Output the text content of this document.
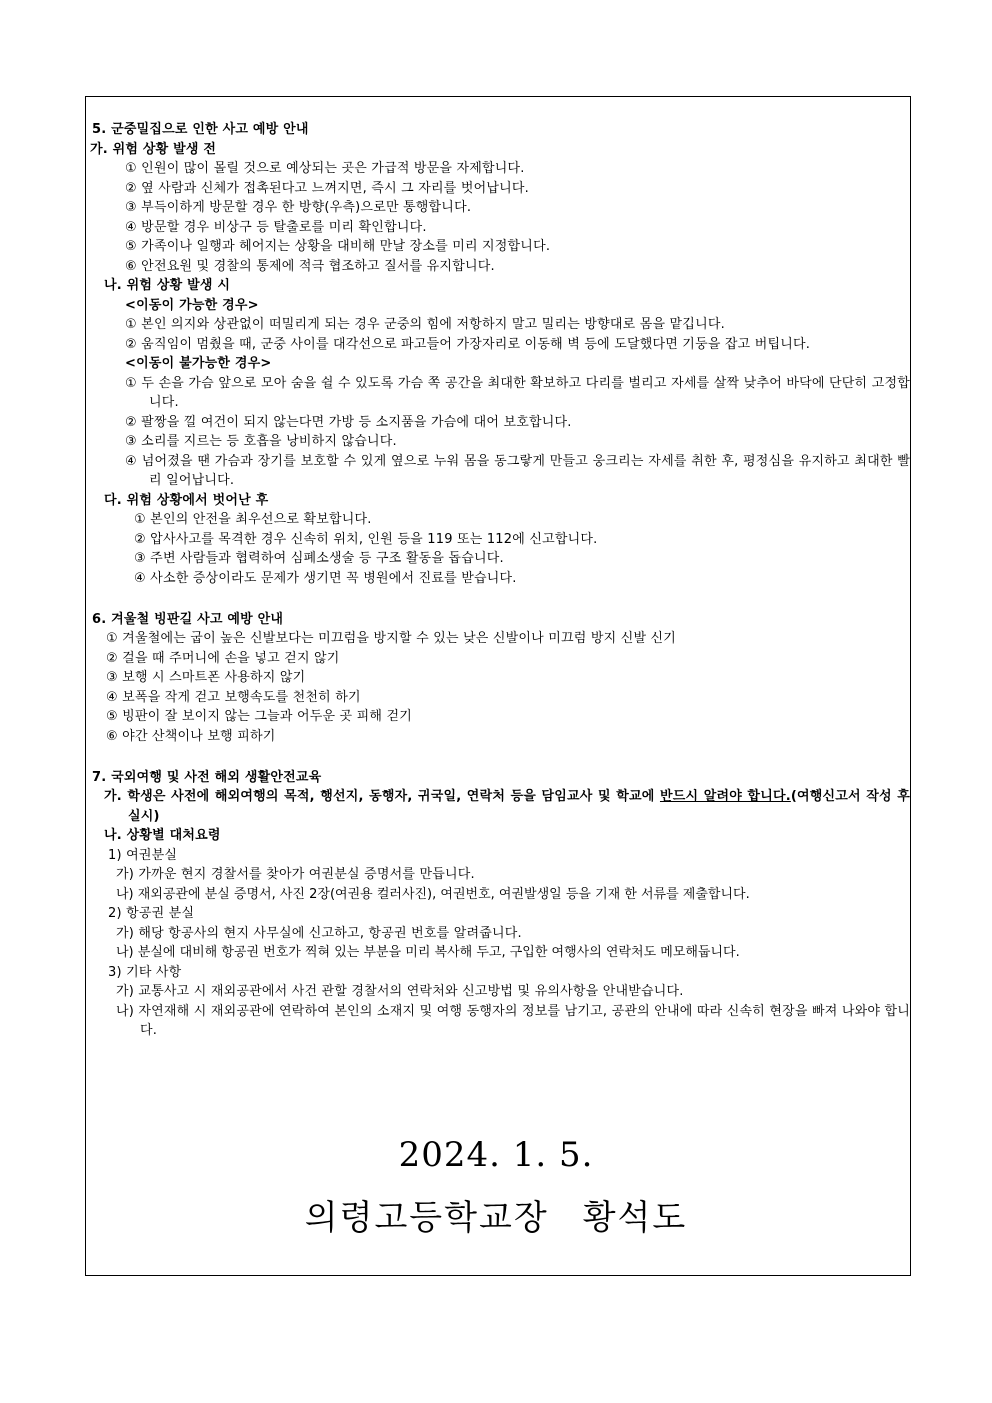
5. 군중밀집으로 인한 사고 예방 안내
가. 위험 상황 발생 전
① 인원이 많이 몰릴 것으로 예상되는 곳은 가급적 방문을 자제합니다.
② 옆 사람과 신체가 접촉된다고 느껴지면, 즉시 그 자리를 벗어납니다.
③ 부득이하게 방문할 경우 한 방향(우측)으로만 통행합니다.
④ 방문할 경우 비상구 등 탈출로를 미리 확인합니다.
⑤ 가족이나 일행과 헤어지는 상황을 대비해 만날 장소를 미리 지정합니다.
⑥ 안전요원 및 경찰의 통제에 적극 협조하고 질서를 유지합니다.
나. 위험 상황 발생 시
<이동이 가능한 경우>
① 본인 의지와 상관없이 떠밀리게 되는 경우 군중의 힘에 저항하지 말고 밀리는 방향대로 몸을 맡깁니다.
② 움직임이 멈췄을 때, 군중 사이를 대각선으로 파고들어 가장자리로 이동해 벽 등에 도달했다면 기둥을 잡고 버팁니다.
<이동이 불가능한 경우>
① 두 손을 가슴 앞으로 모아 숨을 쉴 수 있도록 가슴 쪽 공간을 최대한 확보하고 다리를 벌리고 자세를 살짝 낮추어 바닥에 단단히 고정합니다.
② 팔짱을 낄 여건이 되지 않는다면 가방 등 소지품을 가슴에 대어 보호합니다.
③ 소리를 지르는 등 호흡을 낭비하지 않습니다.
④ 넘어졌을 땐 가슴과 장기를 보호할 수 있게 옆으로 누워 몸을 동그랗게 만들고 웅크리는 자세를 취한 후, 평정심을 유지하고 최대한 빨리 일어납니다.
다. 위험 상황에서 벗어난 후
① 본인의 안전을 최우선으로 확보합니다.
② 압사사고를 목격한 경우 신속히 위치, 인원 등을 119 또는 112에 신고합니다.
③ 주변 사람들과 협력하여 심폐소생술 등 구조 활동을 돕습니다.
④ 사소한 증상이라도 문제가 생기면 꼭 병원에서 진료를 받습니다.
6. 겨울철 빙판길 사고 예방 안내
① 겨울철에는 굽이 높은 신발보다는 미끄럼을 방지할 수 있는 낮은 신발이나 미끄럼 방지 신발 신기
② 걸을 때 주머니에 손을 넣고 걷지 않기
③ 보행 시 스마트폰 사용하지 않기
④ 보폭을 작게 걷고 보행속도를 천천히 하기
⑤ 빙판이 잘 보이지 않는 그늘과 어두운 곳 피해 걷기
⑥ 야간 산책이나 보행 피하기
7. 국외여행 및 사전 해외 생활안전교육
가. 학생은 사전에 해외여행의 목적, 행선지, 동행자, 귀국일, 연락처 등을 담임교사 및 학교에 반드시 알려야 합니다.(여행신고서 작성 후 실시)
나. 상황별 대처요령
1) 여권분실
가) 가까운 현지 경찰서를 찾아가 여권분실 증명서를 만듭니다.
나) 재외공관에 분실 증명서, 사진 2장(여권용 컬러사진), 여권번호, 여권발생일 등을 기재 한 서류를 제출합니다.
2) 항공권 분실
가) 해당 항공사의 현지 사무실에 신고하고, 항공권 번호를 알려줍니다.
나) 분실에 대비해 항공권 번호가 찍혀 있는 부분을 미리 복사해 두고, 구입한 여행사의 연락처도 메모해둡니다.
3) 기타 사항
가) 교통사고 시 재외공관에서 사건 관할 경찰서의 연락처와 신고방법 및 유의사항을 안내받습니다.
나) 자연재해 시 재외공관에 연락하여 본인의 소재지 및 여행 동행자의 정보를 남기고, 공관의 안내에 따라 신속히 현장을 빠져 나와야 합니다.
2024. 1. 5.
의령고등학교장 황석도
